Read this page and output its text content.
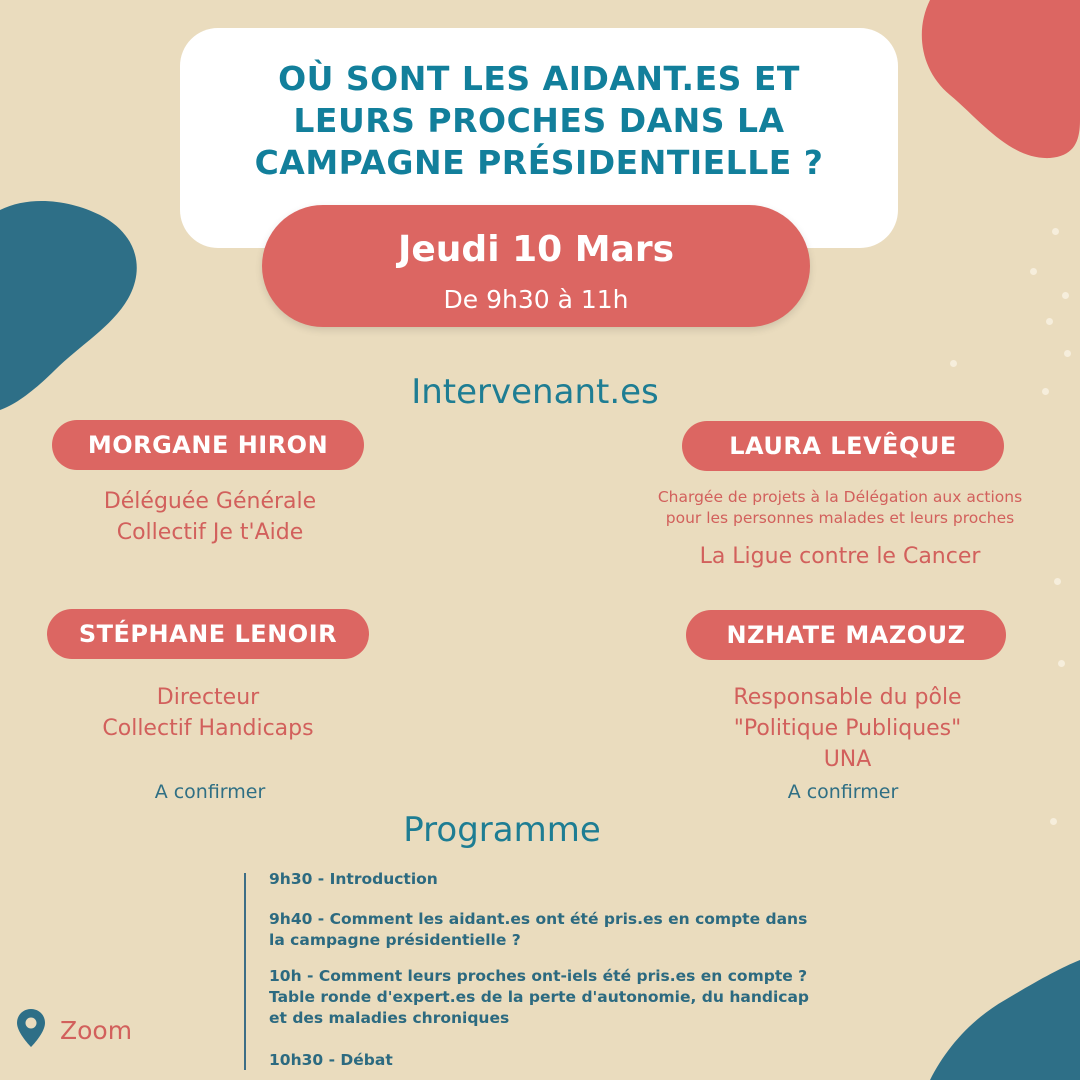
OÙ SONT LES AIDANT.ES ET
LEURS PROCHES DANS LA
CAMPAGNE PRÉSIDENTIELLE ?
Jeudi 10 Mars
De 9h30 à 11h
Intervenant.es
MORGANE HIRON
Déléguée Générale
Collectif Je t'Aide
LAURA LEVÊQUE
Chargée de projets à la Délégation aux actions
pour les personnes malades et leurs proches
La Ligue contre le Cancer
STÉPHANE LENOIR
Directeur
Collectif Handicaps
A confirmer
NZHATE MAZOUZ
Responsable du pôle
"Politique Publiques"
UNA
A confirmer
Programme
9h30 - Introduction
9h40 - Comment les aidant.es ont été pris.es en compte dans
la campagne présidentielle ?
10h - Comment leurs proches ont-iels été pris.es en compte ?
Table ronde d'expert.es de la perte d'autonomie, du handicap
et des maladies chroniques
10h30 - Débat
Zoom
